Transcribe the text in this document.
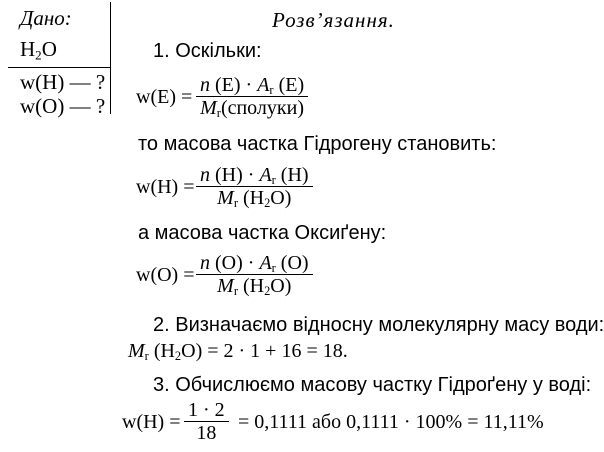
Дано:
$H_2O$
w(H) — ?
w(O) — ?
Розв’язання.
1. Оскільки:
w(E) =
n $(E) \cdot A_r$ (E)
$M_r(сполуки)$
то масова частка Гідрогену становить:
w(H) =
n $(H) \cdot A_r$ (H)
$M_r$ $(H_2O)$
а масова частка Оксиґену:
w(O) =
n $(O) \cdot A_r$ (O)
$M_r$ $(H_2O)$
2. Визначаємо відносну молекулярну масу води:
$M_r$ $(H_2O) = 2 \cdot 1 + 16 = 18$.
3. Обчислюємо масову частку Гідроґену у воді:
w(H) =
1 · 2
18 = 0,1111 або 0,1111 · 100% = 11,11%
